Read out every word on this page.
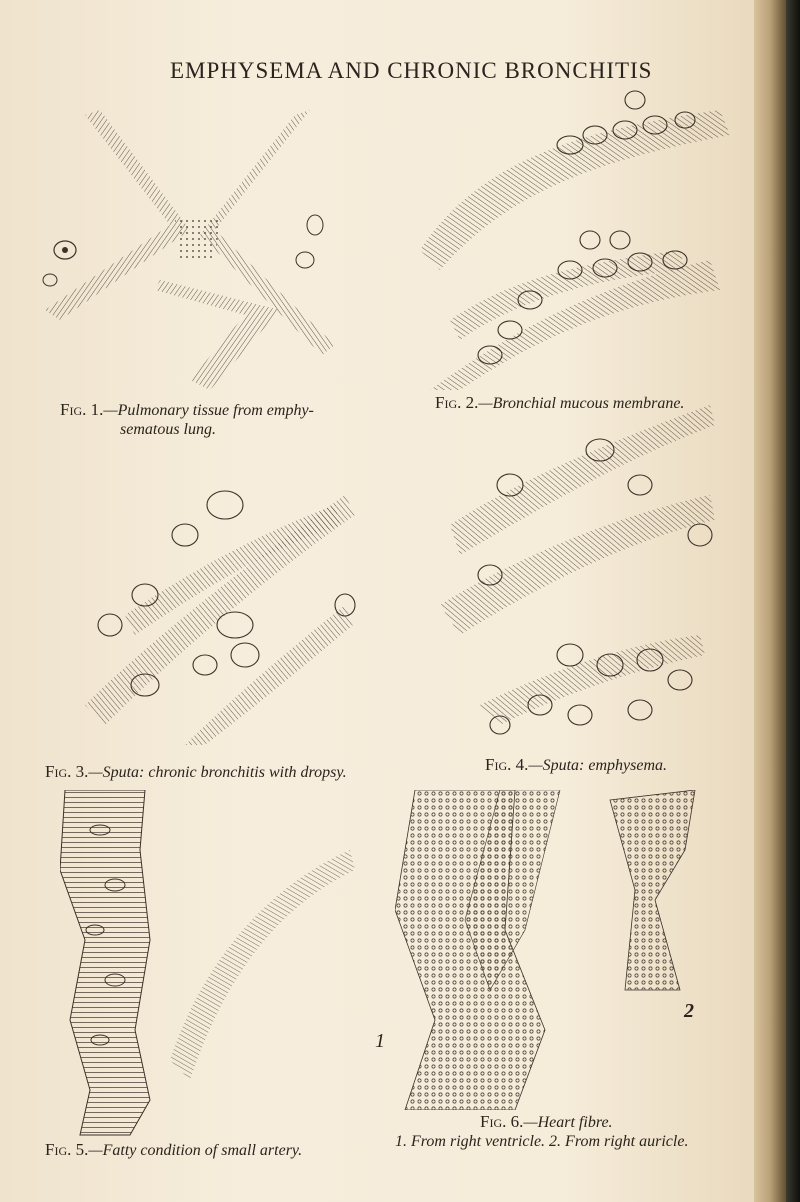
EMPHYSEMA AND CHRONIC BRONCHITIS
Fig. 1.—Pulmonary tissue from emphy-
sematous lung.
Fig. 2.—Bronchial mucous membrane.
Fig. 3.—Sputa: chronic bronchitis with dropsy.	Fig. 4.—Sputa: emphysema.
Fig. 5.—Fatty condition of small artery.
1
2
Fig. 6.—Heart fibre.
1. From right ventricle. 2. From right auricle.
